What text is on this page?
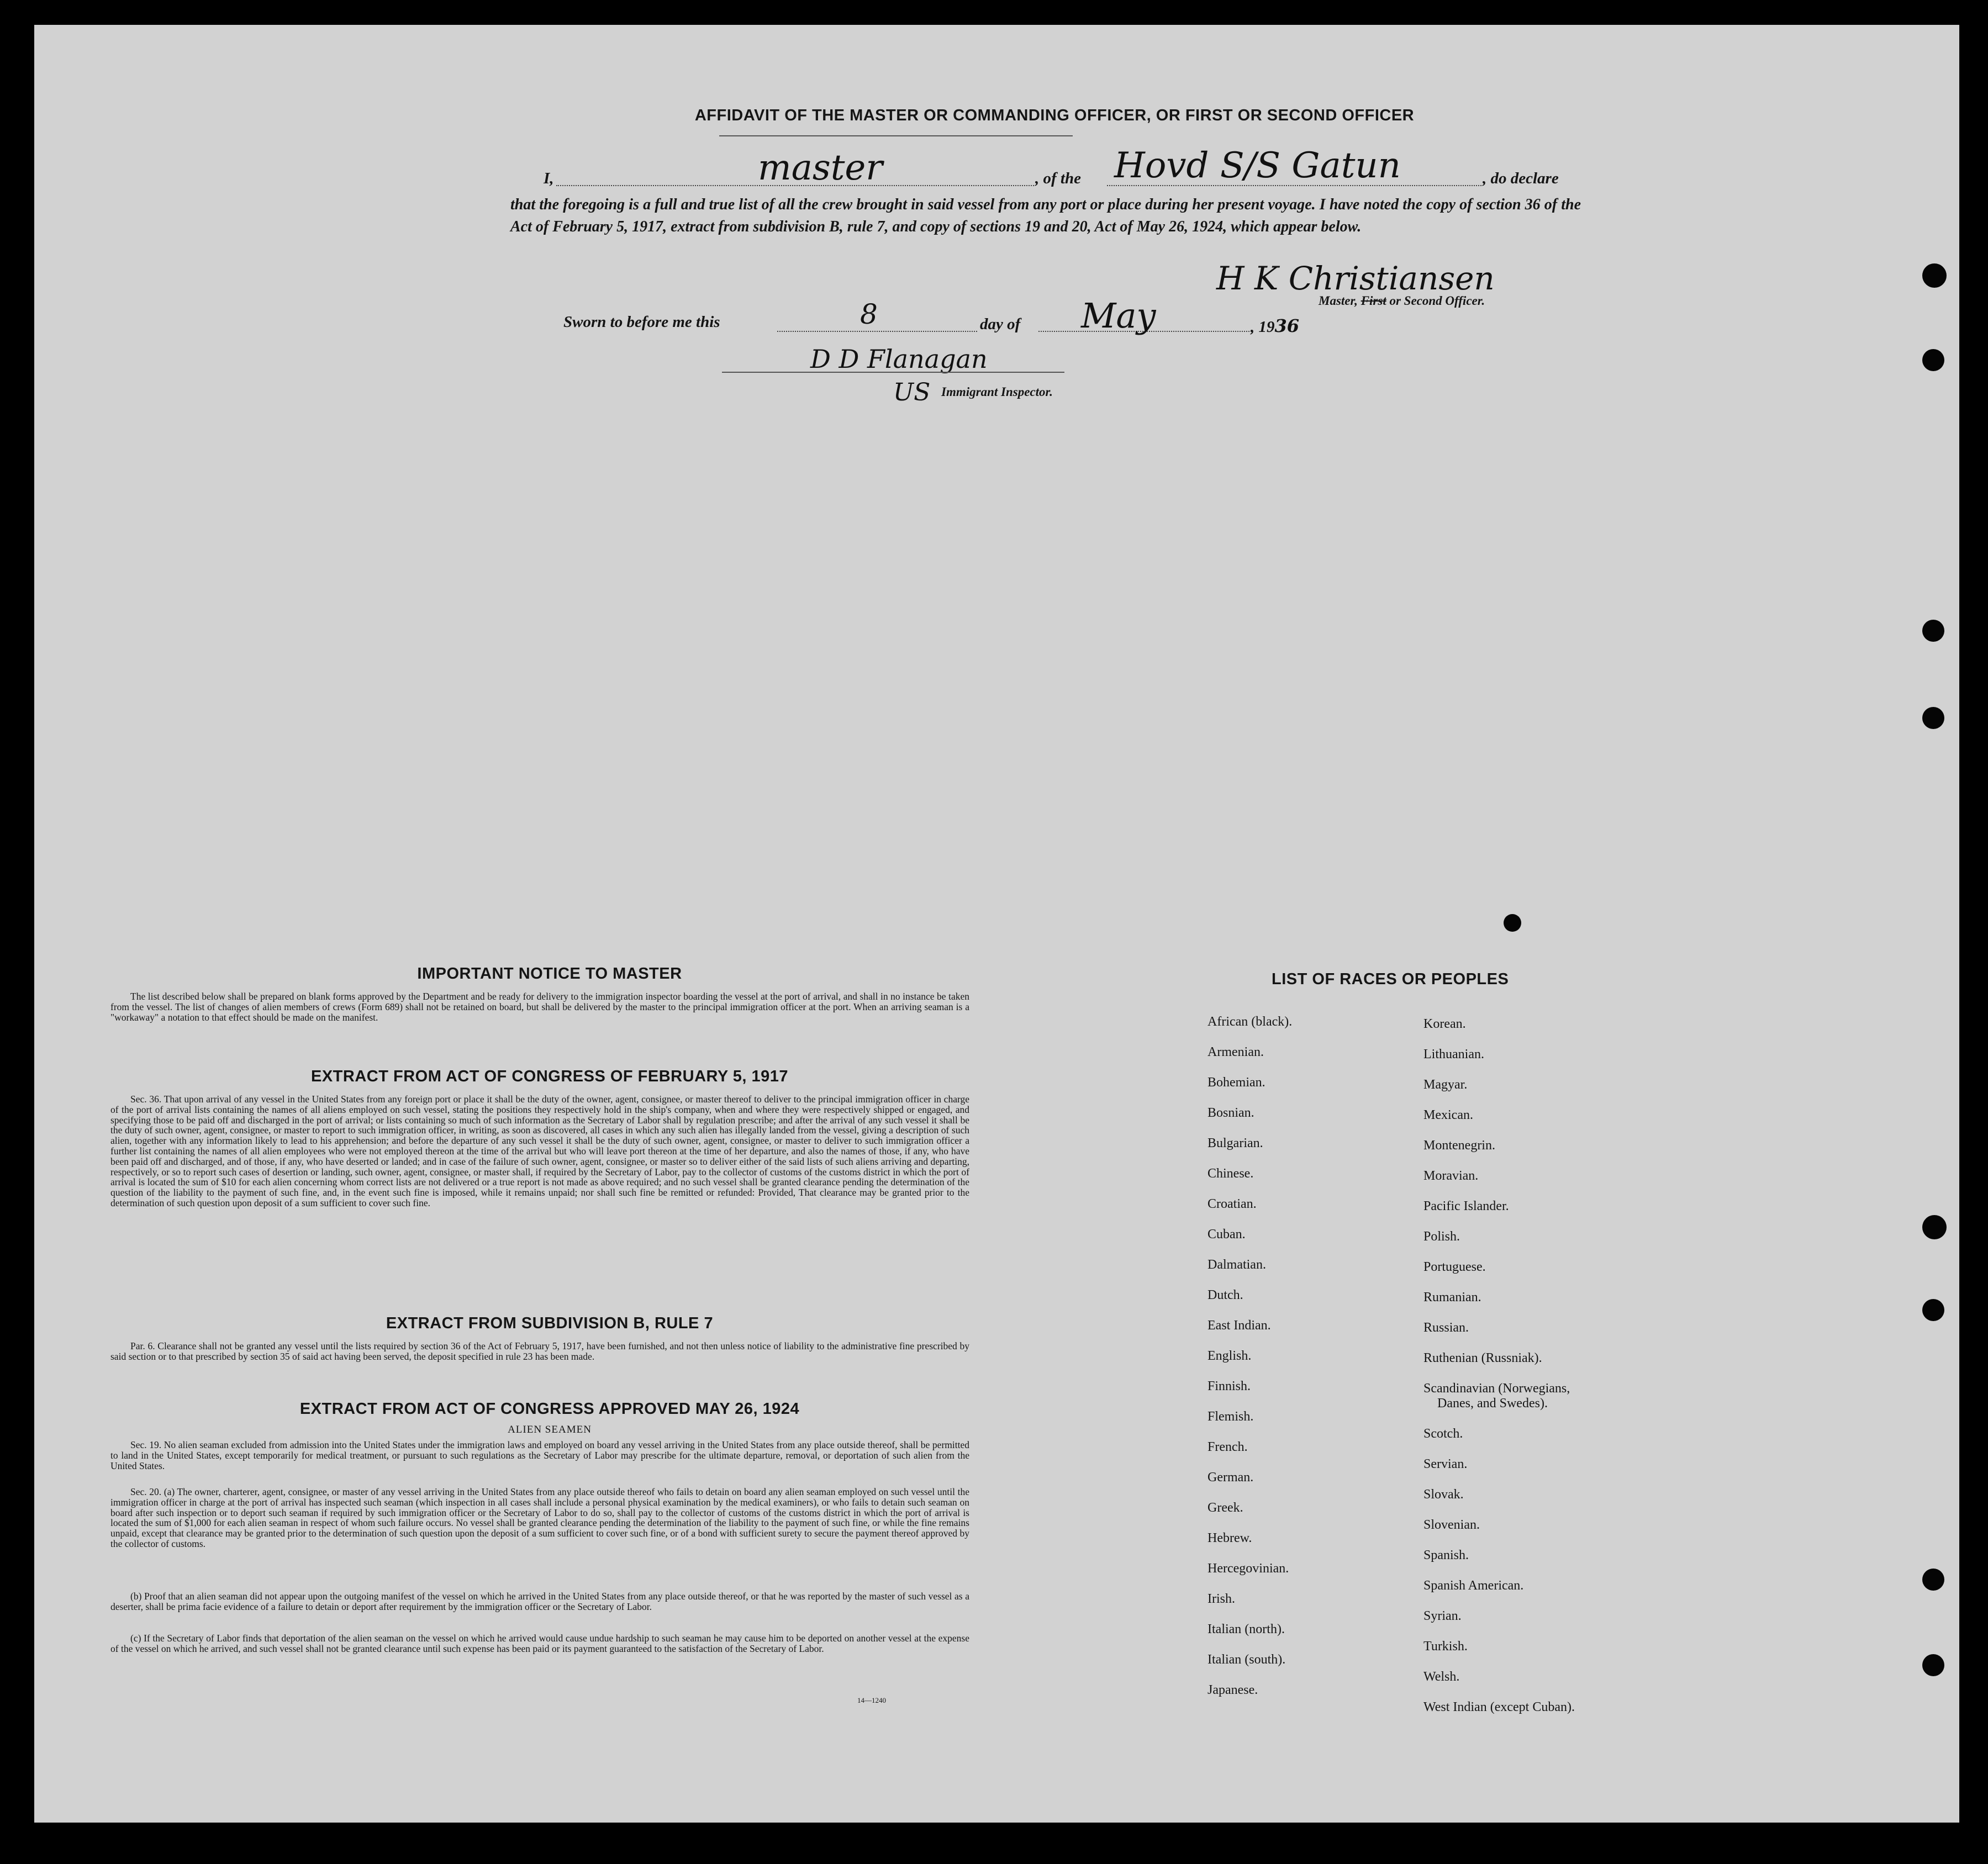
AFFIDAVIT OF THE MASTER OR COMMANDING OFFICER, OR FIRST OR SECOND OFFICER
I,	master	, of the Hovd S/S Gatun	, do declare
that the foregoing is a full and true list of all the crew brought in said vessel from any port or place during her present voyage. I have noted the copy of section 36 of the Act of February 5, 1917, extract from subdivision B, rule 7, and copy of sections 19 and 20, Act of May 26, 1924, which appear below.
H K Christiansen
Master, First or Second Officer.
Sworn to before me this	8	day of May	, 1936
D D Flanagan
US Immigrant Inspector.
IMPORTANT NOTICE TO MASTER
The list described below shall be prepared on blank forms approved by the Department and be ready for delivery to the immigration inspector boarding the vessel at the port of arrival, and shall in no instance be taken from the vessel. The list of changes of alien members of crews (Form 689) shall not be retained on board, but shall be delivered by the master to the principal immigration officer at the port. When an arriving seaman is a "workaway" a notation to that effect should be made on the manifest.
EXTRACT FROM ACT OF CONGRESS OF FEBRUARY 5, 1917
Sec. 36. That upon arrival of any vessel in the United States from any foreign port or place it shall be the duty of the owner, agent, consignee, or master thereof to deliver to the principal immigration officer in charge of the port of arrival lists containing the names of all aliens employed on such vessel, stating the positions they respectively hold in the ship's company, when and where they were respectively shipped or engaged, and specifying those to be paid off and discharged in the port of arrival; or lists containing so much of such information as the Secretary of Labor shall by regulation prescribe; and after the arrival of any such vessel it shall be the duty of such owner, agent, consignee, or master to report to such immigration officer, in writing, as soon as discovered, all cases in which any such alien has illegally landed from the vessel, giving a description of such alien, together with any information likely to lead to his apprehension; and before the departure of any such vessel it shall be the duty of such owner, agent, consignee, or master to deliver to such immigration officer a further list containing the names of all alien employees who were not employed thereon at the time of the arrival but who will leave port thereon at the time of her departure, and also the names of those, if any, who have been paid off and discharged, and of those, if any, who have deserted or landed; and in case of the failure of such owner, agent, consignee, or master so to deliver either of the said lists of such aliens arriving and departing, respectively, or so to report such cases of desertion or landing, such owner, agent, consignee, or master shall, if required by the Secretary of Labor, pay to the collector of customs of the customs district in which the port of arrival is located the sum of $10 for each alien concerning whom correct lists are not delivered or a true report is not made as above required; and no such vessel shall be granted clearance pending the determination of the question of the liability to the payment of such fine, and, in the event such fine is imposed, while it remains unpaid; nor shall such fine be remitted or refunded: Provided, That clearance may be granted prior to the determination of such question upon deposit of a sum sufficient to cover such fine.
EXTRACT FROM SUBDIVISION B, RULE 7
Par. 6. Clearance shall not be granted any vessel until the lists required by section 36 of the Act of February 5, 1917, have been furnished, and not then unless notice of liability to the administrative fine prescribed by said section or to that prescribed by section 35 of said act having been served, the deposit specified in rule 23 has been made.
EXTRACT FROM ACT OF CONGRESS APPROVED MAY 26, 1924
ALIEN SEAMEN
Sec. 19. No alien seaman excluded from admission into the United States under the immigration laws and employed on board any vessel arriving in the United States from any place outside thereof, shall be permitted to land in the United States, except temporarily for medical treatment, or pursuant to such regulations as the Secretary of Labor may prescribe for the ultimate departure, removal, or deportation of such alien from the United States.
Sec. 20. (a) The owner, charterer, agent, consignee, or master of any vessel arriving in the United States from any place outside thereof who fails to detain on board any alien seaman employed on such vessel until the immigration officer in charge at the port of arrival has inspected such seaman (which inspection in all cases shall include a personal physical examination by the medical examiners), or who fails to detain such seaman on board after such inspection or to deport such seaman if required by such immigration officer or the Secretary of Labor to do so, shall pay to the collector of customs of the customs district in which the port of arrival is located the sum of $1,000 for each alien seaman in respect of whom such failure occurs. No vessel shall be granted clearance pending the determination of the liability to the payment of such fine, or while the fine remains unpaid, except that clearance may be granted prior to the determination of such question upon the deposit of a sum sufficient to cover such fine, or of a bond with sufficient surety to secure the payment thereof approved by the collector of customs.
(b) Proof that an alien seaman did not appear upon the outgoing manifest of the vessel on which he arrived in the United States from any place outside thereof, or that he was reported by the master of such vessel as a deserter, shall be prima facie evidence of a failure to detain or deport after requirement by the immigration officer or the Secretary of Labor.
(c) If the Secretary of Labor finds that deportation of the alien seaman on the vessel on which he arrived would cause undue hardship to such seaman he may cause him to be deported on another vessel at the expense of the vessel on which he arrived, and such vessel shall not be granted clearance until such expense has been paid or its payment guaranteed to the satisfaction of the Secretary of Labor.
14—1240
LIST OF RACES OR PEOPLES
African (black).
Armenian.
Bohemian.
Bosnian.
Bulgarian.
Chinese.
Croatian.
Cuban.
Dalmatian.
Dutch.
East Indian.
English.
Finnish.
Flemish.
French.
German.
Greek.
Hebrew.
Hercegovinian.
Irish.
Italian (north).
Italian (south).
Japanese.
Korean.
Lithuanian.
Magyar.
Mexican.
Montenegrin.
Moravian.
Pacific Islander.
Polish.
Portuguese.
Rumanian.
Russian.
Ruthenian (Russniak).
Scandinavian (Norwegians,
Danes, and Swedes).
Scotch.
Servian.
Slovak.
Slovenian.
Spanish.
Spanish American.
Syrian.
Turkish.
Welsh.
West Indian (except Cuban).
